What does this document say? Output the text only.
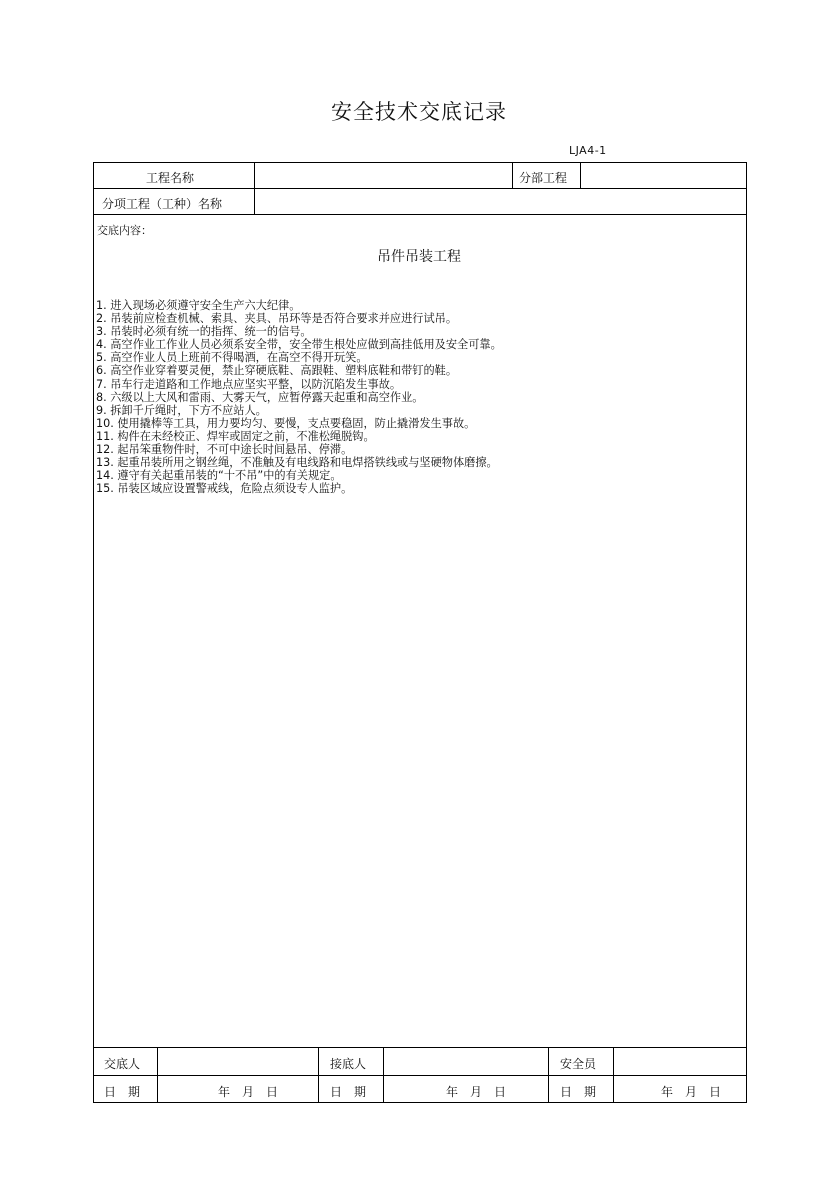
安全技术交底记录
LJA4-1
工程名称	分部工程
分项工程（工种）名称
交底内容：
吊件吊装工程
1. 进入现场必须遵守安全生产六大纪律。
2. 吊装前应检查机械、索具、夹具、吊环等是否符合要求并应进行试吊。
3. 吊装时必须有统一的指挥、统一的信号。
4. 高空作业工作业人员必须系安全带，安全带生根处应做到高挂低用及安全可靠。
5. 高空作业人员上班前不得喝酒，在高空不得开玩笑。
6. 高空作业穿着要灵便，禁止穿硬底鞋、高跟鞋、塑料底鞋和带钉的鞋。
7. 吊车行走道路和工作地点应坚实平整，以防沉陷发生事故。
8. 六级以上大风和雷雨、大雾天气，应暂停露天起重和高空作业。
9. 拆卸千斤绳时，下方不应站人。
10. 使用撬棒等工具，用力要均匀、要慢，支点要稳固，防止撬滑发生事故。
11. 构件在未经校正、焊牢或固定之前，不准松绳脱钩。
12. 起吊笨重物件时，不可中途长时间悬吊、停滞。
13. 起重吊装所用之钢丝绳，不准触及有电线路和电焊搭铁线或与坚硬物体磨擦。
14. 遵守有关起重吊装的“十不吊”中的有关规定。
15. 吊装区域应设置警戒线，危险点须设专人监护。
交底人	接底人	安全员
日　期	年　月　日	日　期	年　月　日	日　期	年　月　日
